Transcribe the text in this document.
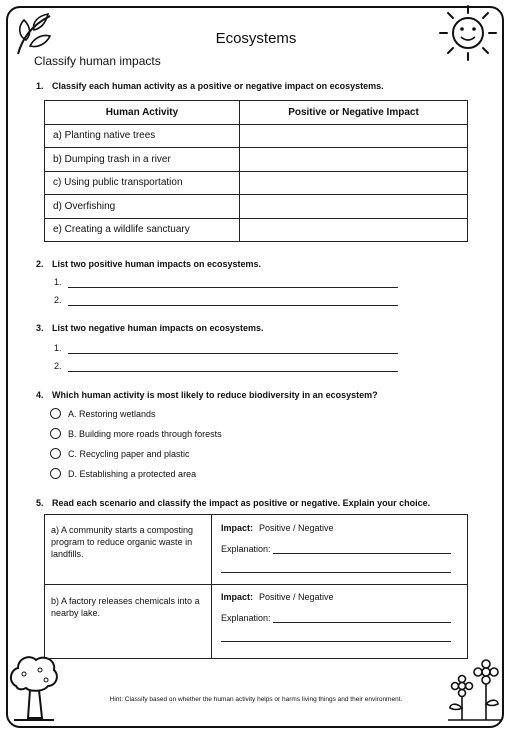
Ecosystems
Classify human impacts
1. Classify each human activity as a positive or negative impact on ecosystems.
Human Activity	Positive or Negative Impact
a) Planting native trees	
b) Dumping trash in a river	
c) Using public transportation	
d) Overfishing	
e) Creating a wildlife sanctuary	
2. List two positive human impacts on ecosystems.
1.
2.
3. List two negative human impacts on ecosystems.
1.
2.
4. Which human activity is most likely to reduce biodiversity in an ecosystem?
A. Restoring wetlands
B. Building more roads through forests
C. Recycling paper and plastic
D. Establishing a protected area
5. Read each scenario and classify the impact as positive or negative. Explain your choice.
a) A community starts a composting program to reduce organic waste in landfills.
Impact: Positive / Negative
Explanation:
b) A factory releases chemicals into a nearby lake.
Impact: Positive / Negative
Explanation:
Hint: Classify based on whether the human activity helps or harms living things and their environment.
